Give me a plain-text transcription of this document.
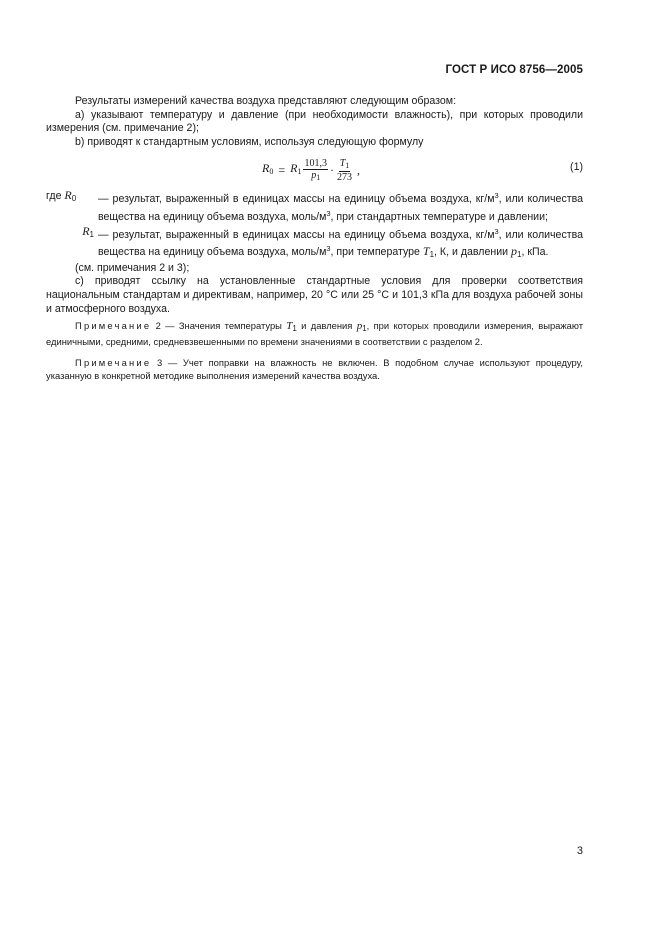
ГОСТ Р ИСО 8756—2005

Результаты измерений качества воздуха представляют следующим образом:

a) указывают температуру и давление (при необходимости влажность), при которых проводили измерения (см. примечание 2);

b) приводят к стандартным условиям, используя следующую формулу

$R_0 = R_1 \frac{101,3}{p_1} \cdot \frac{T_1}{273}$ ,	(1)
где $R_0$	— результат, выраженный в единицах массы на единицу объема воздуха, $кг/м^3$, или количества вещества на единицу объема воздуха, моль/$м^3$, при стандартных температуре и давлении;
$R_1$ — результат, выраженный в единицах массы на единицу объема воздуха, $кг/м^3$, или количества вещества на единицу объема воздуха, моль/$м^3$, при температуре $T_1$, К, и давлении $p_1$, кПа.

(см. примечания 2 и 3);

c) приводят ссылку на установленные стандартные условия для проверки соответствия национальным стандартам и директивам, например, 20 °C или 25 °C и 101,3 кПа для воздуха рабочей зоны и атмосферного воздуха.

Примечание 2 — Значения температуры T1 и давления p1, при которых проводили измерения, выражают единичными, средними, средневзвешенными по времени значениями в соответствии с разделом 2.

Примечание 3 — Учет поправки на влажность не включен. В подобном случае используют процедуру, указанную в конкретной методике выполнения измерений качества воздуха.

3
